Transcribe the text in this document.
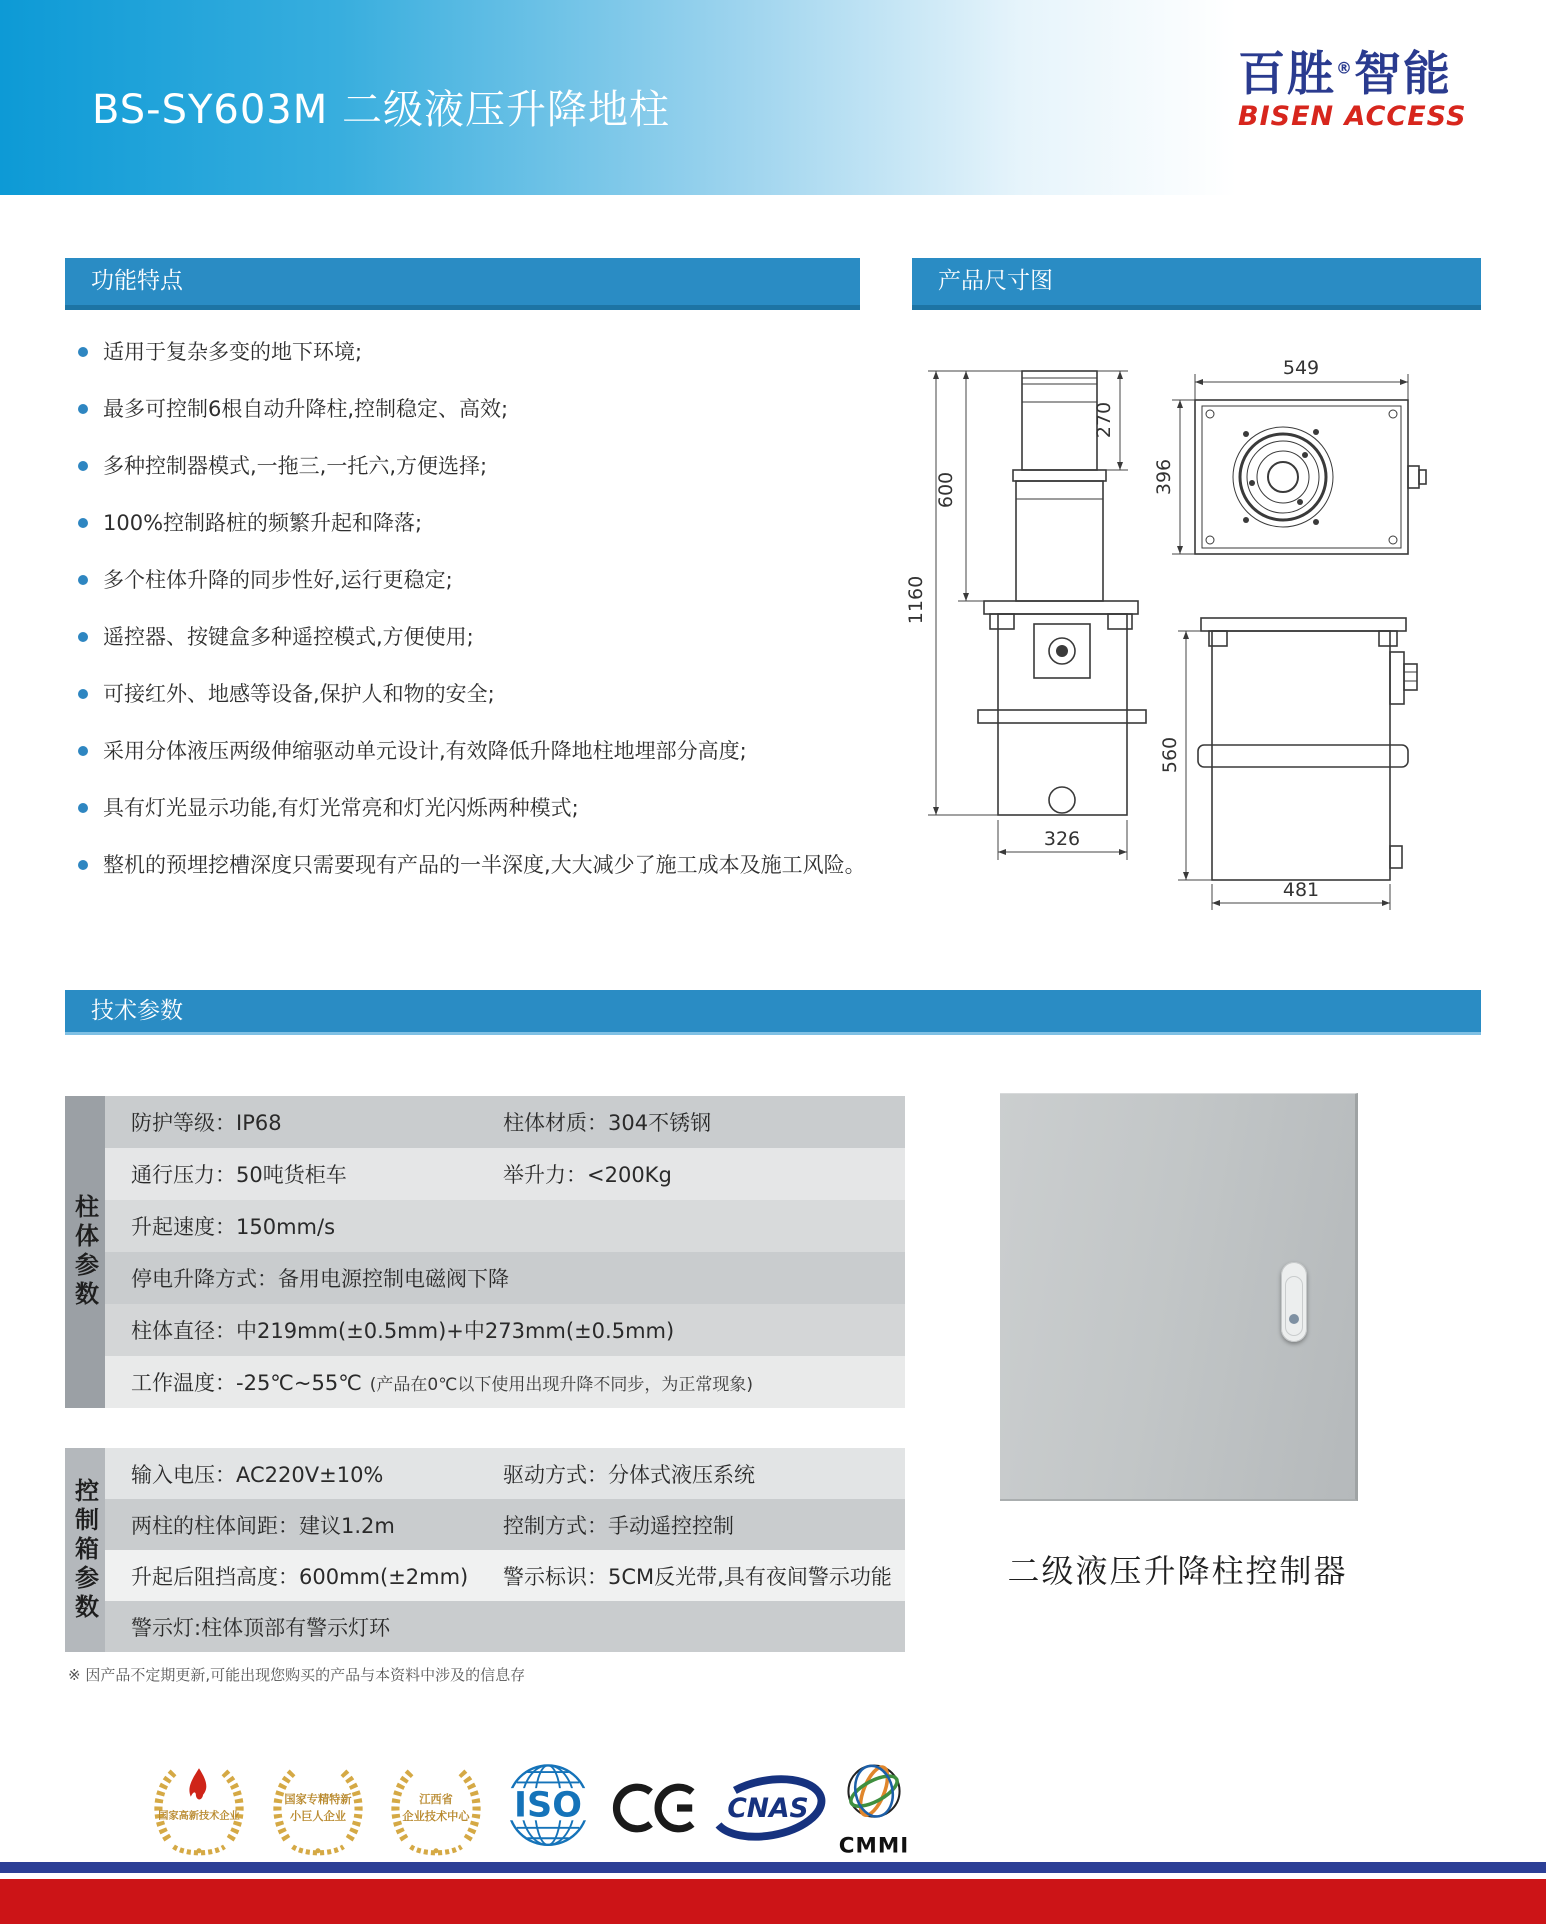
BS-SY603M 二级液压升降地柱
百胜®智能
BISEN ACCESS
功能特点	产品尺寸图
适用于复杂多变的地下环境;
最多可控制6根自动升降柱,控制稳定、高效;
多种控制器模式,一拖三,一托六,方便选择;
100%控制路桩的频繁升起和降落;
多个柱体升降的同步性好,运行更稳定;
遥控器、按键盒多种遥控模式,方便使用;
可接红外、地感等设备,保护人和物的安全;
采用分体液压两级伸缩驱动单元设计,有效降低升降地柱地埋部分高度;
具有灯光显示功能,有灯光常亮和灯光闪烁两种模式;
整机的预埋挖槽深度只需要现有产品的一半深度,大大减少了施工成本及施工风险。
1160
600
270
326
549
396
560
481
技术参数
柱体参数
防护等级：IP68	柱体材质：304不锈钢
通行压力：50吨货柜车	举升力：<200Kg
升起速度：150mm/s
停电升降方式：备用电源控制电磁阀下降
柱体直径：中219mm(±0.5mm)+中273mm(±0.5mm)
工作温度：-25℃~55℃ (产品在0℃以下使用出现升降不同步，为正常现象)
控制箱参数
输入电压：AC220V±10%	驱动方式：分体式液压系统
两柱的柱体间距：建议1.2m	控制方式：手动遥控控制
升起后阻挡高度：600mm(±2mm)	警示标识：5CM反光带,具有夜间警示功能
警示灯:柱体顶部有警示灯环
※ 因产品不定期更新,可能出现您购买的产品与本资料中涉及的信息存
二级液压升降柱控制器
国家高新技术企业
国家专精特新
小巨人企业
江西省
企业技术中心 ISO	CNAS
CMMI
